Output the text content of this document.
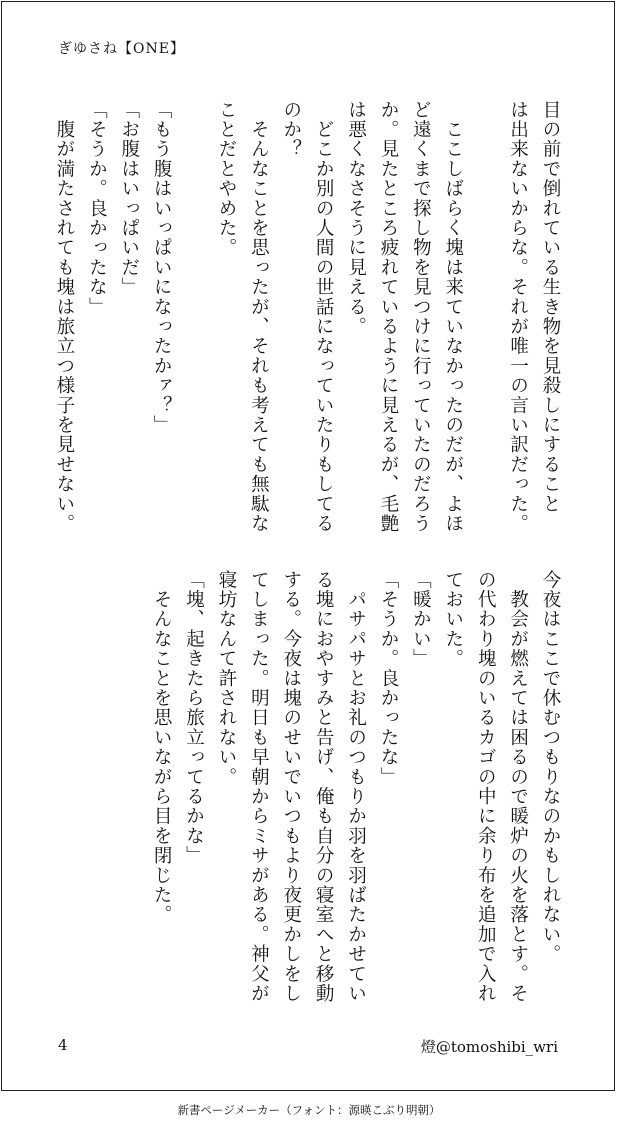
ぎゆさね【ONE】
目の前で倒れている生き物を見殺しにすること
は出来ないからな。それが唯一の言い訳だった。

　ここしばらく塊は来ていなかったのだが、よほ
ど遠くまで探し物を見つけに行っていたのだろう
か。見たところ疲れているように見えるが、毛艶
は悪くなさそうに見える。
　どこか別の人間の世話になっていたりもしてる
のか？
　そんなことを思ったが、それも考えても無駄な
ことだとやめた。

「もう腹はいっぱいになったかァ？」
「お腹はいっぱいだ」
「そうか。良かったな」
　腹が満たされても塊は旅立つ様子を見せない。
今夜はここで休むつもりなのかもしれない。
　教会が燃えては困るので暖炉の火を落とす。そ
の代わり塊のいるカゴの中に余り布を追加で入れ
ておいた。
「暖かい」
「そうか。良かったな」
　パサパサとお礼のつもりか羽を羽ばたかせてい
る塊におやすみと告げ、俺も自分の寝室へと移動
する。今夜は塊のせいでいつもより夜更かしをし
てしまった。明日も早朝からミサがある。神父が
寝坊なんて許されない。
「塊、起きたら旅立ってるかな」
　そんなことを思いながら目を閉じた。
4	燈@tomoshibi_wri
新書ページメーカー（フォント：源暎こぶり明朝）
